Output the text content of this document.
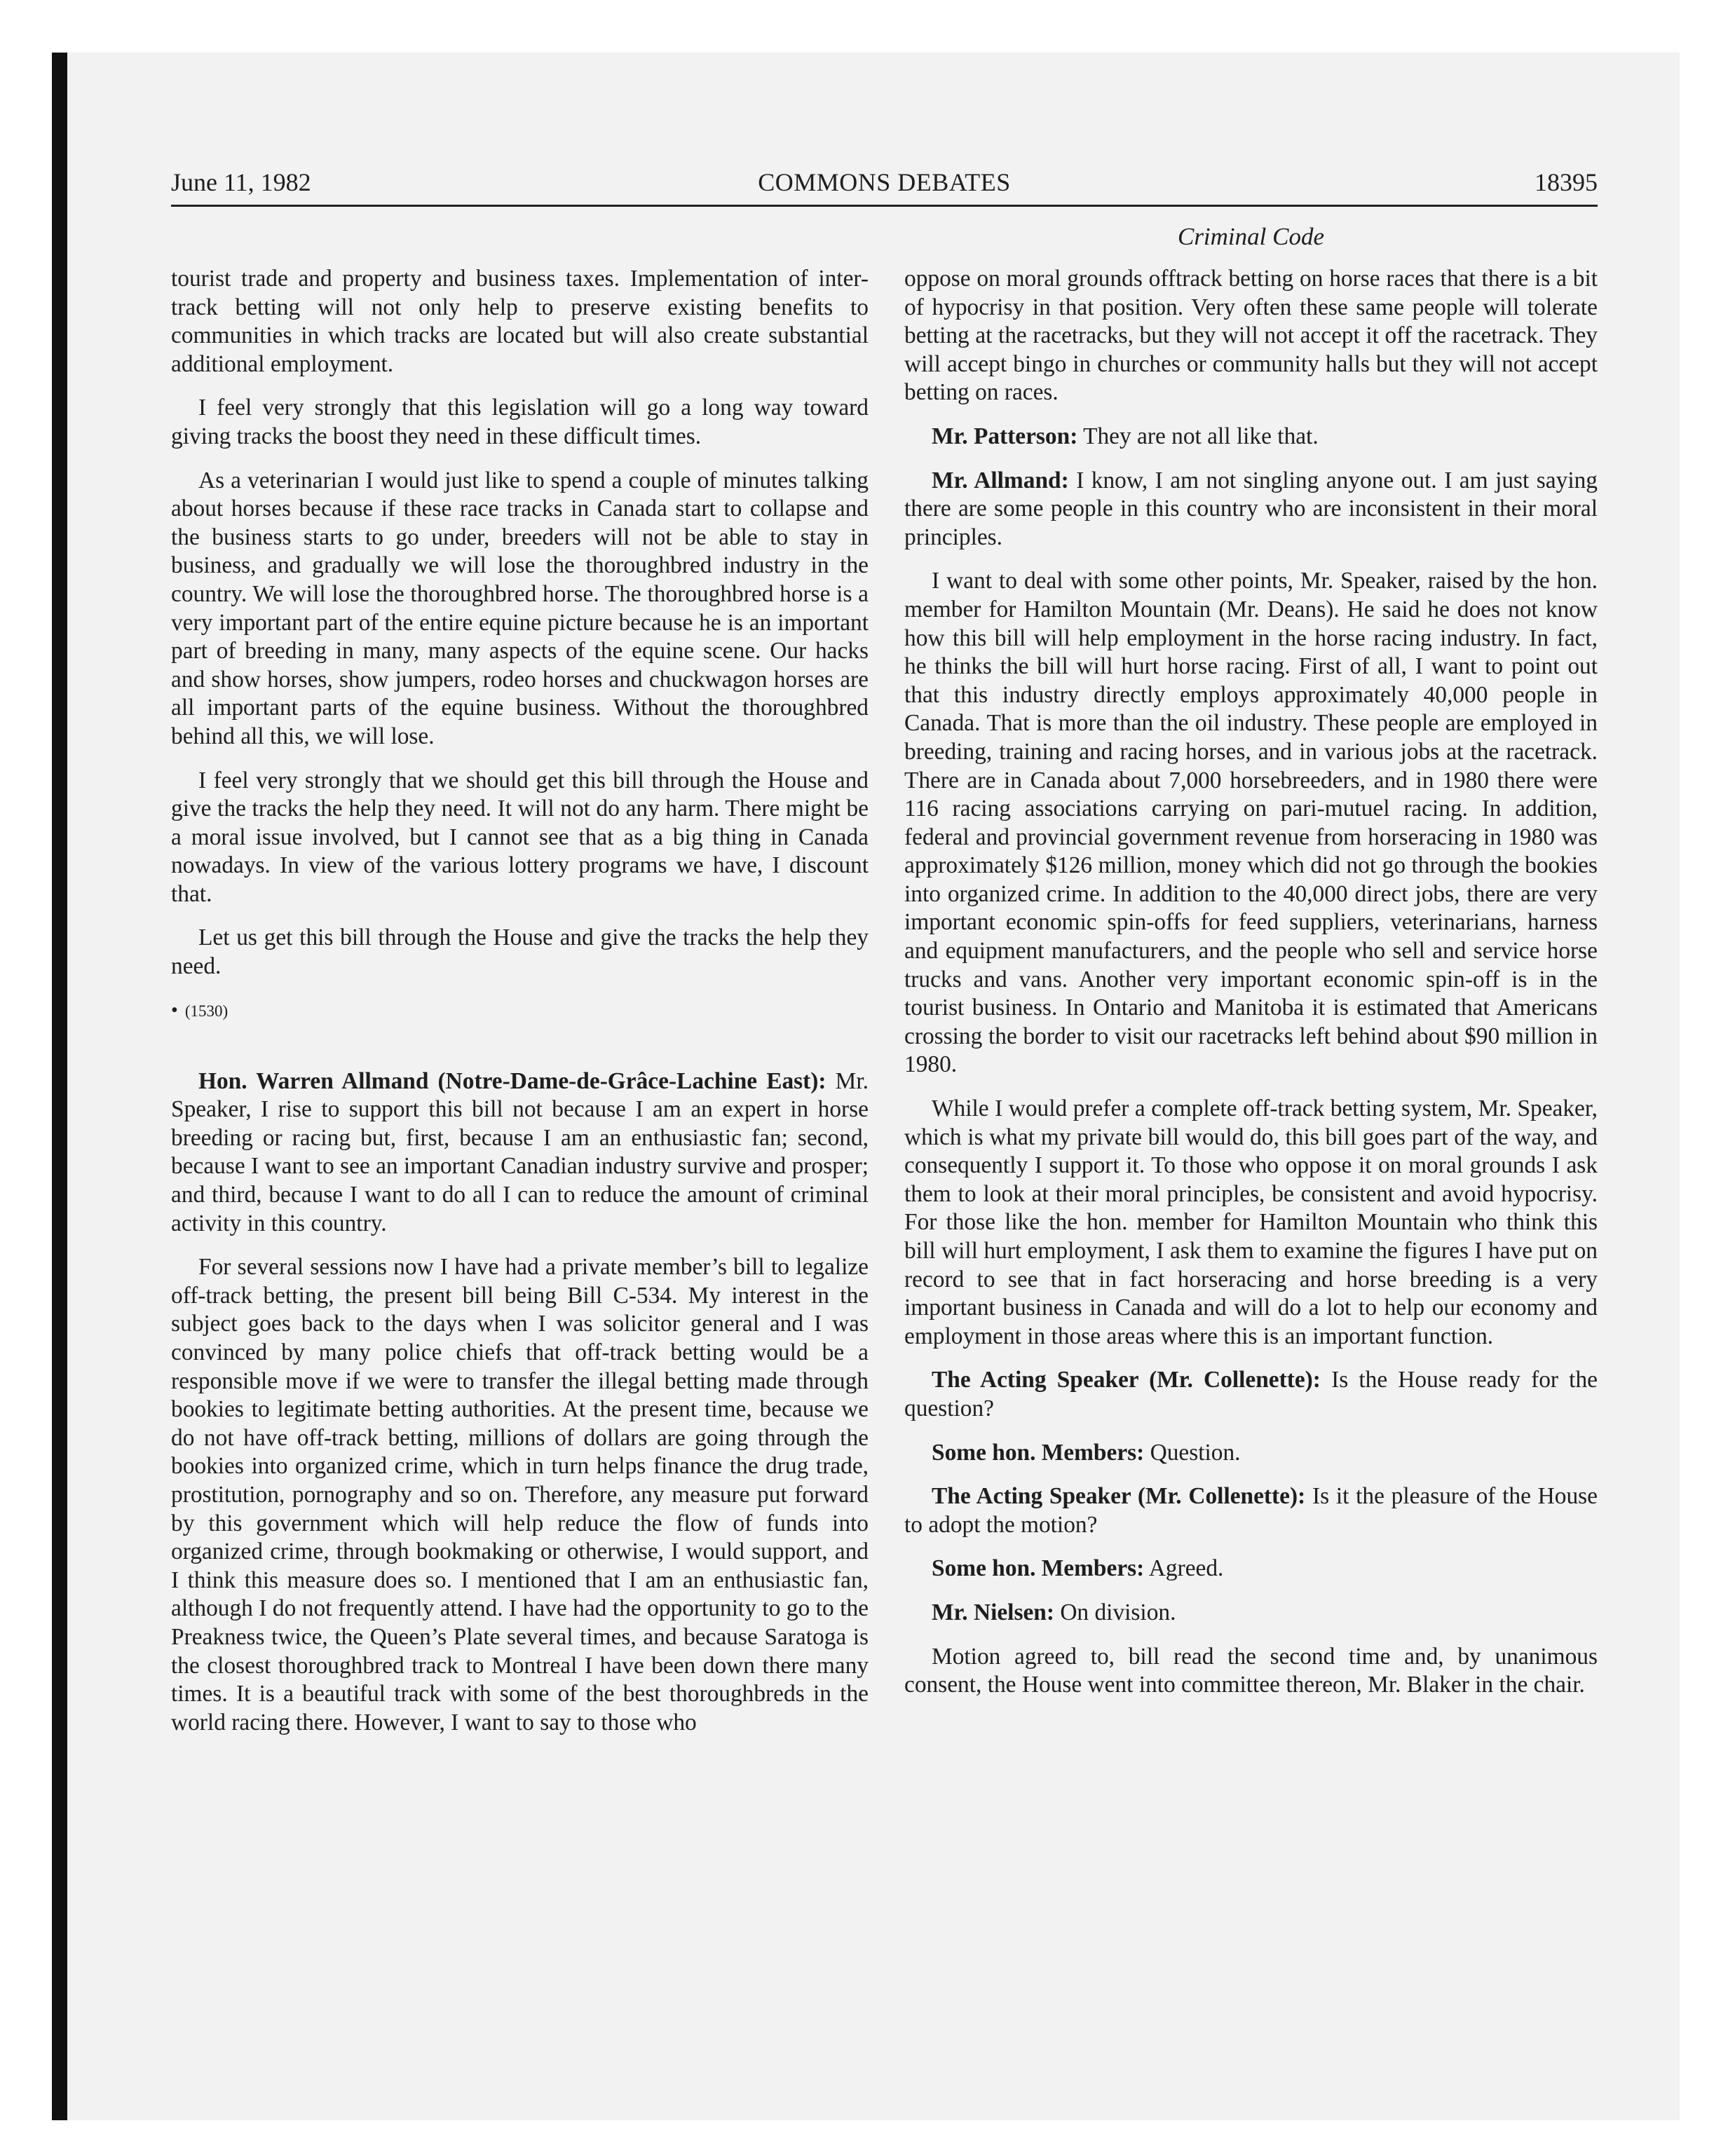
June 11, 1982	COMMONS DEBATES	18395
Criminal Code

tourist trade and property and business taxes. Implementation of inter-track betting will not only help to preserve existing benefits to communities in which tracks are located but will also create substantial additional employment.

I feel very strongly that this legislation will go a long way toward giving tracks the boost they need in these difficult times.

As a veterinarian I would just like to spend a couple of minutes talking about horses because if these race tracks in Canada start to collapse and the business starts to go under, breeders will not be able to stay in business, and gradually we will lose the thoroughbred industry in the country. We will lose the thoroughbred horse. The thoroughbred horse is a very important part of the entire equine picture because he is an important part of breeding in many, many aspects of the equine scene. Our hacks and show horses, show jumpers, rodeo horses and chuckwagon horses are all important parts of the equine business. Without the thoroughbred behind all this, we will lose.

I feel very strongly that we should get this bill through the House and give the tracks the help they need. It will not do any harm. There might be a moral issue involved, but I cannot see that as a big thing in Canada nowadays. In view of the various lottery programs we have, I discount that.

Let us get this bill through the House and give the tracks the help they need.

• (1530)

Hon. Warren Allmand (Notre-Dame-de-Grâce-Lachine East): Mr. Speaker, I rise to support this bill not because I am an expert in horse breeding or racing but, first, because I am an enthusiastic fan; second, because I want to see an important Canadian industry survive and prosper; and third, because I want to do all I can to reduce the amount of criminal activity in this country.

For several sessions now I have had a private member’s bill to legalize off-track betting, the present bill being Bill C-534. My interest in the subject goes back to the days when I was solicitor general and I was convinced by many police chiefs that off-track betting would be a responsible move if we were to transfer the illegal betting made through bookies to legitimate betting authorities. At the present time, because we do not have off-track betting, millions of dollars are going through the bookies into organized crime, which in turn helps finance the drug trade, prostitution, pornography and so on. Therefore, any measure put forward by this government which will help reduce the flow of funds into organized crime, through bookmaking or otherwise, I would support, and I think this measure does so. I mentioned that I am an enthusiastic fan, although I do not frequently attend. I have had the opportunity to go to the Preakness twice, the Queen’s Plate several times, and because Saratoga is the closest thoroughbred track to Montreal I have been down there many times. It is a beautiful track with some of the best thoroughbreds in the world racing there. However, I want to say to those who

oppose on moral grounds offtrack betting on horse races that there is a bit of hypocrisy in that position. Very often these same people will tolerate betting at the racetracks, but they will not accept it off the racetrack. They will accept bingo in churches or community halls but they will not accept betting on races.

Mr. Patterson: They are not all like that.

Mr. Allmand: I know, I am not singling anyone out. I am just saying there are some people in this country who are inconsistent in their moral principles.

I want to deal with some other points, Mr. Speaker, raised by the hon. member for Hamilton Mountain (Mr. Deans). He said he does not know how this bill will help employment in the horse racing industry. In fact, he thinks the bill will hurt horse racing. First of all, I want to point out that this industry directly employs approximately 40,000 people in Canada. That is more than the oil industry. These people are employed in breeding, training and racing horses, and in various jobs at the racetrack. There are in Canada about 7,000 horsebreeders, and in 1980 there were 116 racing associations carrying on pari-mutuel racing. In addition, federal and provincial government revenue from horseracing in 1980 was approximately $126 million, money which did not go through the bookies into organized crime. In addition to the 40,000 direct jobs, there are very important economic spin-offs for feed suppliers, veterinarians, harness and equipment manufacturers, and the people who sell and service horse trucks and vans. Another very important economic spin-off is in the tourist business. In Ontario and Manitoba it is estimated that Americans crossing the border to visit our racetracks left behind about $90 million in 1980.

While I would prefer a complete off-track betting system, Mr. Speaker, which is what my private bill would do, this bill goes part of the way, and consequently I support it. To those who oppose it on moral grounds I ask them to look at their moral principles, be consistent and avoid hypocrisy. For those like the hon. member for Hamilton Mountain who think this bill will hurt employment, I ask them to examine the figures I have put on record to see that in fact horseracing and horse breeding is a very important business in Canada and will do a lot to help our economy and employment in those areas where this is an important function.

The Acting Speaker (Mr. Collenette): Is the House ready for the question?

Some hon. Members: Question.

The Acting Speaker (Mr. Collenette): Is it the pleasure of the House to adopt the motion?

Some hon. Members: Agreed.

Mr. Nielsen: On division.

Motion agreed to, bill read the second time and, by unanimous consent, the House went into committee thereon, Mr. Blaker in the chair.
